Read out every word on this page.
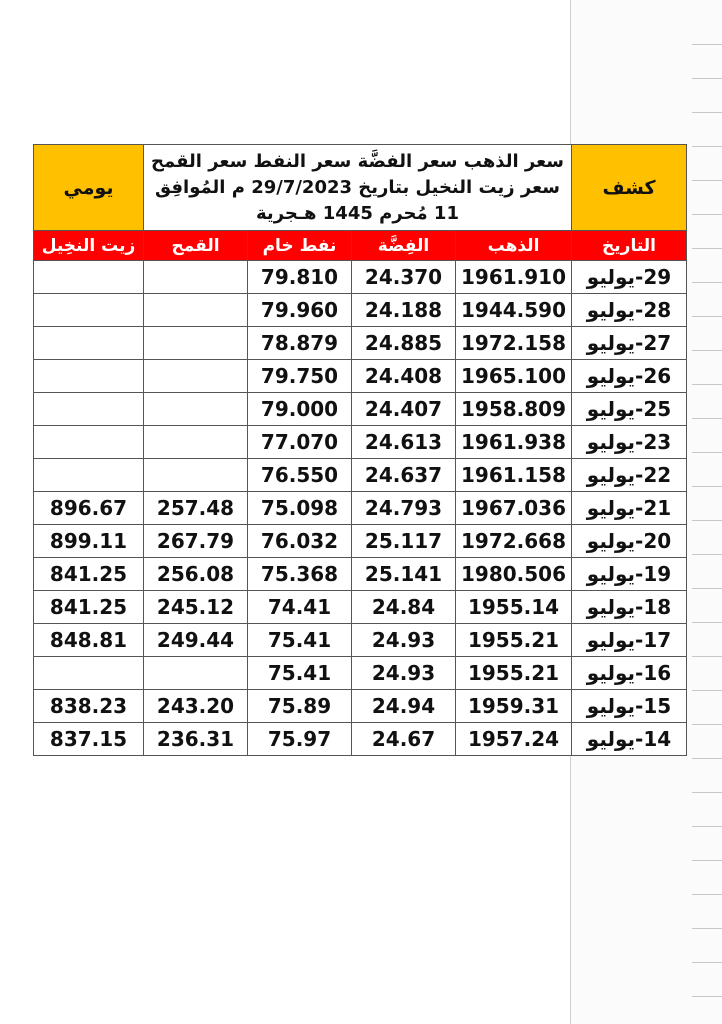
يومي	سعر الذهب سعر الفضَّة سعر النفط سعر القمح سعر زيت النخيل بتاريخ 29/7/2023 م المُوافِق 11 مُحرم 1445 هـجرية				كشف
زيت النخِيل	القمح	نفط خام	الفِضَّة	الذهب	التاريخ
		79.810	24.370	1961.910	29-يوليو
		79.960	24.188	1944.590	28-يوليو
		78.879	24.885	1972.158	27-يوليو
		79.750	24.408	1965.100	26-يوليو
		79.000	24.407	1958.809	25-يوليو
		77.070	24.613	1961.938	23-يوليو
		76.550	24.637	1961.158	22-يوليو
896.67	257.48	75.098	24.793	1967.036	21-يوليو
899.11	267.79	76.032	25.117	1972.668	20-يوليو
841.25	256.08	75.368	25.141	1980.506	19-يوليو
841.25	245.12	74.41	24.84	1955.14	18-يوليو
848.81	249.44	75.41	24.93	1955.21	17-يوليو
		75.41	24.93	1955.21	16-يوليو
838.23	243.20	75.89	24.94	1959.31	15-يوليو
837.15	236.31	75.97	24.67	1957.24	14-يوليو
